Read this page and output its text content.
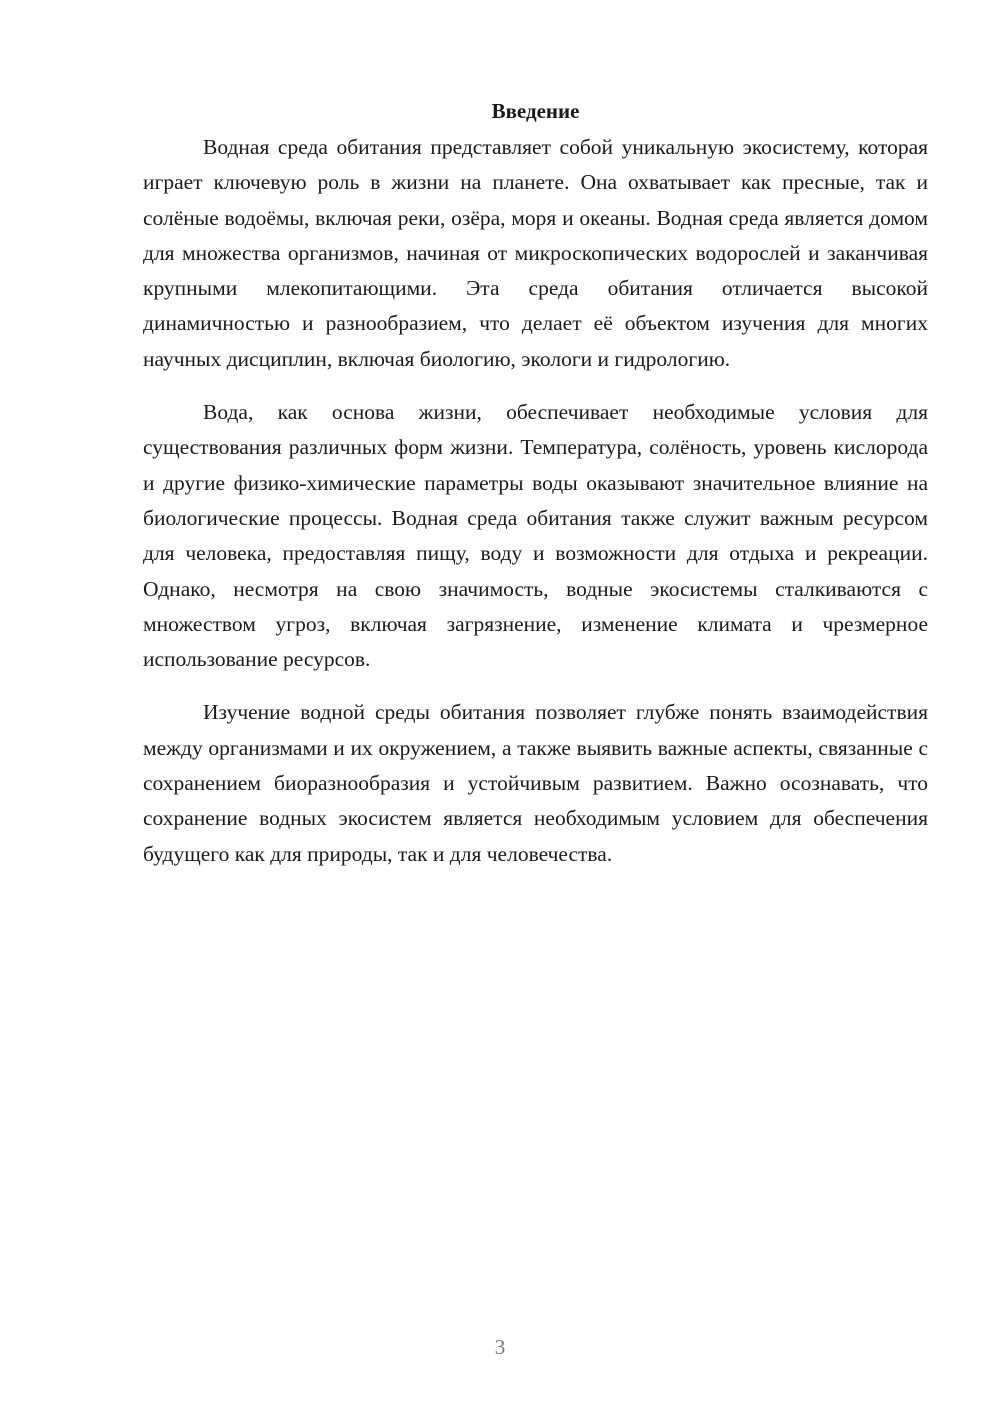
Введение

Водная среда обитания представляет собой уникальную экосистему, которая играет ключевую роль в жизни на планете. Она охватывает как пресные, так и солёные водоёмы, включая реки, озёра, моря и океаны. Водная среда является домом для множества организмов, начиная от микроскопических водорослей и заканчивая крупными млекопитающими. Эта среда обитания отличается высокой динамичностью и разнообразием, что делает её объектом изучения для многих научных дисциплин, включая биологию, экологи и гидрологию.

Вода, как основа жизни, обеспечивает необходимые условия для существования различных форм жизни. Температура, солёность, уровень кислорода и другие физико-химические параметры воды оказывают значительное влияние на биологические процессы. Водная среда обитания также служит важным ресурсом для человека, предоставляя пищу, воду и возможности для отдыха и рекреации. Однако, несмотря на свою значимость, водные экосистемы сталкиваются с множеством угроз, включая загрязнение, изменение климата и чрезмерное использование ресурсов.

Изучение водной среды обитания позволяет глубже понять взаимодействия между организмами и их окружением, а также выявить важные аспекты, связанные с сохранением биоразнообразия и устойчивым развитием. Важно осознавать, что сохранение водных экосистем является необходимым условием для обеспечения будущего как для природы, так и для человечества.

3
